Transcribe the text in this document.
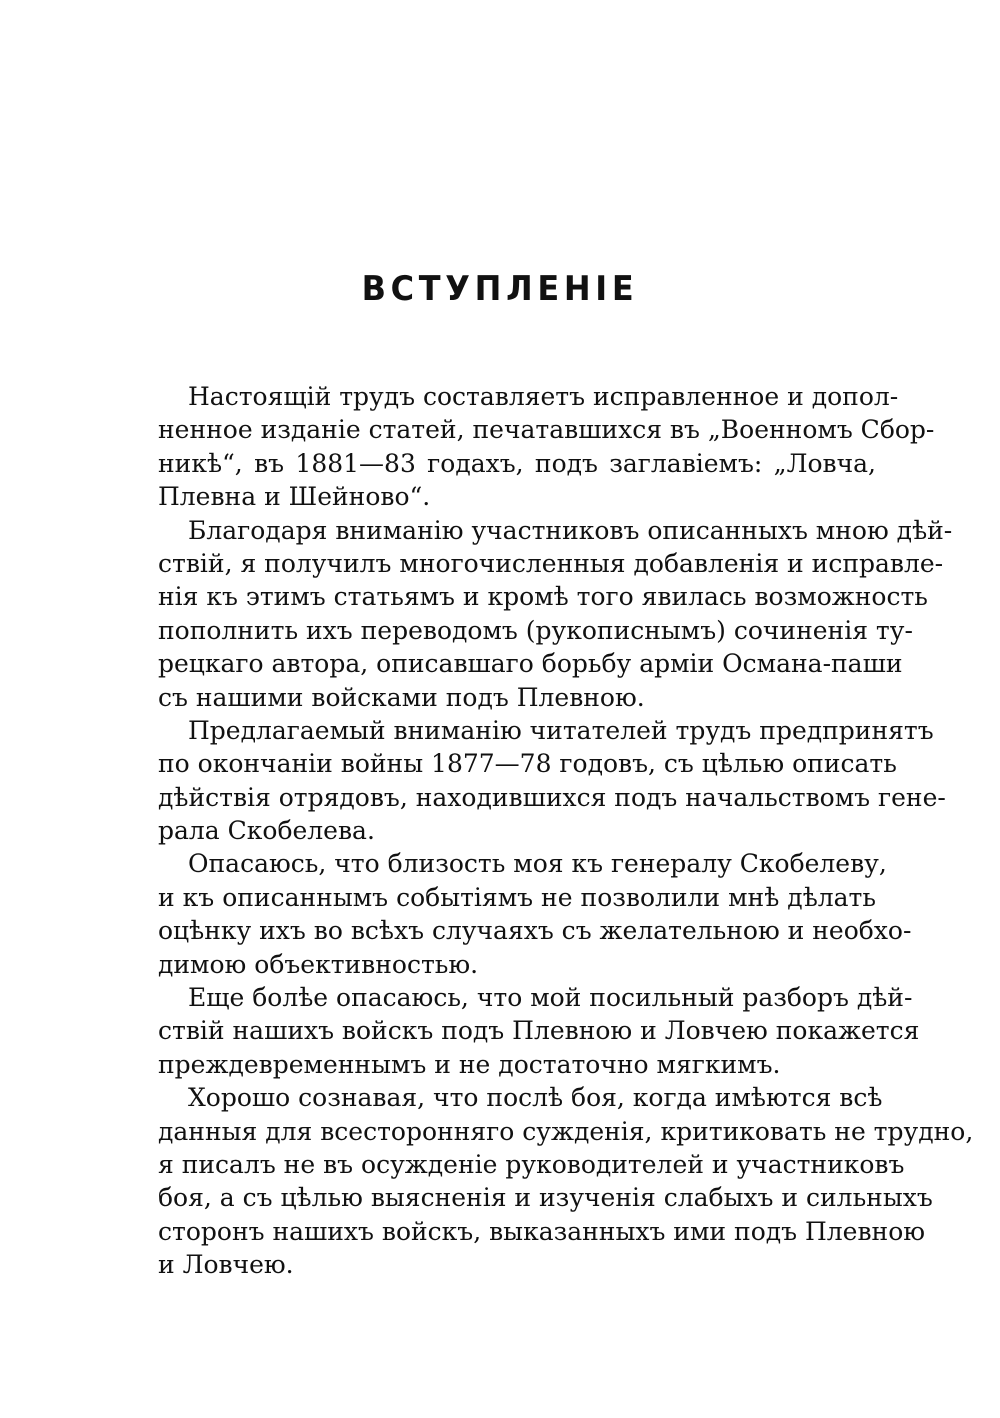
ВСТУПЛЕНІЕ
Настоящій трудъ составляетъ исправленное и допол-
ненное изданіе статей, печатавшихся въ „Военномъ Сбор-
никѣ“, въ 1881—83 годахъ, подъ заглавіемъ: „Ловча,
Плевна и Шейново“.
Благодаря вниманію участниковъ описанныхъ мною дѣй-
ствій, я получилъ многочисленныя добавленія и исправле-
нія къ этимъ статьямъ и кромѣ того явилась возможность
пополнить ихъ переводомъ (рукописнымъ) сочиненія ту-
рецкаго автора, описавшаго борьбу арміи Османа-паши
съ нашими войсками подъ Плевною.
Предлагаемый вниманію читателей трудъ предпринятъ
по окончаніи войны 1877—78 годовъ, съ цѣлью описать
дѣйствія отрядовъ, находившихся подъ начальствомъ гене-
рала Скобелева.
Опасаюсь, что близость моя къ генералу Скобелеву,
и къ описаннымъ событіямъ не позволили мнѣ дѣлать
оцѣнку ихъ во всѣхъ случаяхъ съ желательною и необхо-
димою объективностью.
Еще болѣе опасаюсь, что мой посильный разборъ дѣй-
ствій нашихъ войскъ подъ Плевною и Ловчею покажется
преждевременнымъ и не достаточно мягкимъ.
Хорошо сознавая, что послѣ боя, когда имѣются всѣ
данныя для всесторонняго сужденія, критиковать не трудно,
я писалъ не въ осужденіе руководителей и участниковъ
боя, а съ цѣлью выясненія и изученія слабыхъ и сильныхъ
сторонъ нашихъ войскъ, выказанныхъ ими подъ Плевною
и Ловчею.
